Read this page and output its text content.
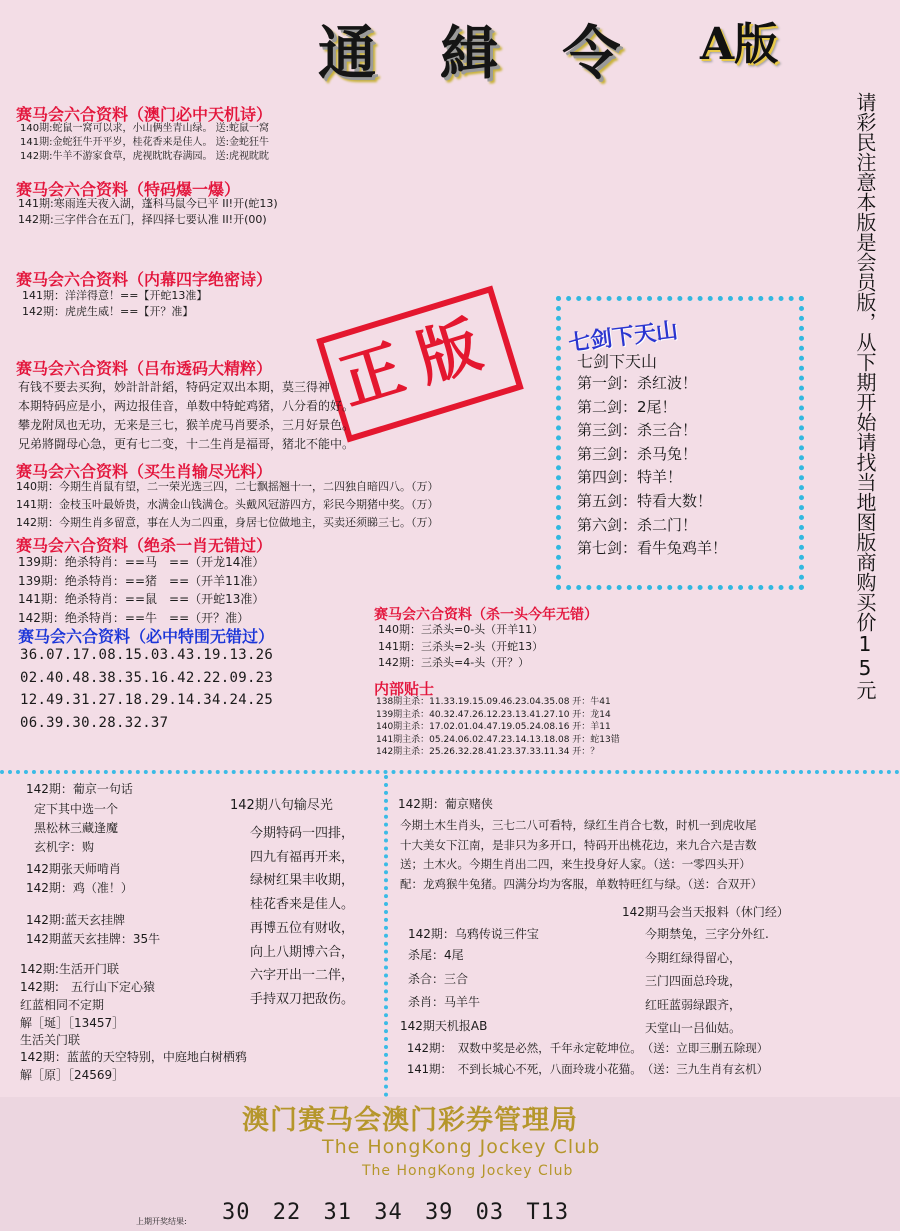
通 緝 令 A版
请彩民注意本版是会员版，从下期开始请找当地图版商购买价15元
赛马会六合资料（澳门必中天机诗）
140期:蛇鼠一窝可以求，小山俩坐青山绿。 送:蛇鼠一窝
141期:金蛇狂牛开平岁，桂花香来是佳人。 送:金蛇狂牛
142期:牛羊不游家食草，虎视眈眈春满园。 送:虎视眈眈
赛马会六合资料（特码爆一爆）
141期:寒雨连天夜入湖，蓬科马鼠今已平 II!开(蛇13)
142期:三字伴合在五门，择四择七要认准 II!开(00)
赛马会六合资料（内幕四字绝密诗）
141期：洋洋得意！==【开蛇13准】
142期：虎虎生威！==【开？准】 正版
赛马会六合资料（吕布透码大精粹）
有钱不要去买狗，妙計計計縚，特码定双出本期，莫三得神
本期特码应是小，两边报佳音，单数中特蛇鸡猪，八分看的好。
攀龙附凤也无功，无来是三七，猴羊虎马肖要杀，三月好景色。
兄弟將闘母心急，更有七二变，十二生肖是福哥，猪北不能中。
赛马会六合资料（买生肖输尽光料）
140期：今期生肖鼠有望，二一荣光选三四，二七飘摇翘十一，二四独自暗四八。（万）
141期：金枝玉叶最娇贵，水满金山钱满仓。头戴风冠游四方，彩民今期猪中奖。（万）
142期：今期生肖多留意，事在人为二四重，身居七位做地主，买卖还须睇三七。（万）
赛马会六合资料（绝杀一肖无错过）
139期：绝杀特肖：==马　==（开龙14准）
139期：绝杀特肖：==猪　==（开羊11准）
141期：绝杀特肖：==鼠　==（开蛇13准）
142期：绝杀特肖：==牛　==（开？准）
赛马会六合资料（必中特围无错过）
36.07.17.08.15.03.43.19.13.26
02.40.48.38.35.16.42.22.09.23
12.49.31.27.18.29.14.34.24.25
06.39.30.28.32.37
七剑下天山
七剑下天山
第一剑：杀红波！
第二剑：2尾！
第三剑：杀三合！
第三剑：杀马兔！
第四剑：特羊！
第五剑：特看大数！
第六剑：杀二门！
第七剑：看牛兔鸡羊！
赛马会六合资料（杀一头今年无错）
140期：三杀头=0-头（开羊11）
141期：三杀头=2-头（开蛇13）
142期：三杀头=4-头（开？）
内部贴士
138期主杀：11.33.19.15.09.46.23.04.35.08 开：牛41
139期主杀：40.32.47.26.12.23.13.41.27.10 开：龙14
140期主杀：17.02.01.04.47.19.05.24.08.16 开：羊11
141期主杀：05.24.06.02.47.23.14.13.18.08 开：蛇13错
142期主杀：25.26.32.28.41.23.37.33.11.34 开：？
142期：葡京一句话
定下其中选一个
黑松林三藏逢魔
玄机字：购
142期张天师啃肖
142期：鸡（准！）
142期:蓝天玄挂牌
142期蓝天玄挂牌：35牛
142期:生活开门联
142期:　五行山下定心猿
红蓝相同不定期
解［埏］［13457］
生活关门联
142期：蓝蓝的天空特别，中庭地白树栖鸦
解［原］［24569］
142期八句输尽光
今期特码一四排，
四九有福再开来，
绿树红果丰收期，
桂花香来是佳人。
再博五位有财收，
向上八期博六合，
六字开出一二伴，
手持双刀把敌伤。
142期：葡京赌侠
今期土木生肖头，三七二八可看特，绿红生肖合七数，时机一到虎收尾
十大美女下江南，是非只为多开口，特码开出桃花边，来九合六是吉数
送；土木火。今期生肖出二四，来生投身好人家。（送：一零四头开）
配：龙鸡猴牛兔猪。四满分均为客服，单数特旺红与绿。（送：合双开）
142期：乌鸦传说三件宝
杀尾：4尾
杀合：三合
杀肖：马羊牛
142期马会当天报料（休门经）
今期禁兔，三字分外红.
今期红绿得留心，
三门四面总玲珑，
红旺蓝弱绿跟齐，
天堂山一吕仙姑。
142期天机报AB
142期：　双数中奖是必然，千年永定乾坤位。　（送：立即三删五除现）
141期：　不到长城心不死，八面玲珑小花猫。　（送：三九生肖有玄机）
澳门赛马会澳门彩券管理局
The HongKong Jockey Club
The HongKong Jockey Club
上期开奖结果: 30 22 31 34 39 03 T13
